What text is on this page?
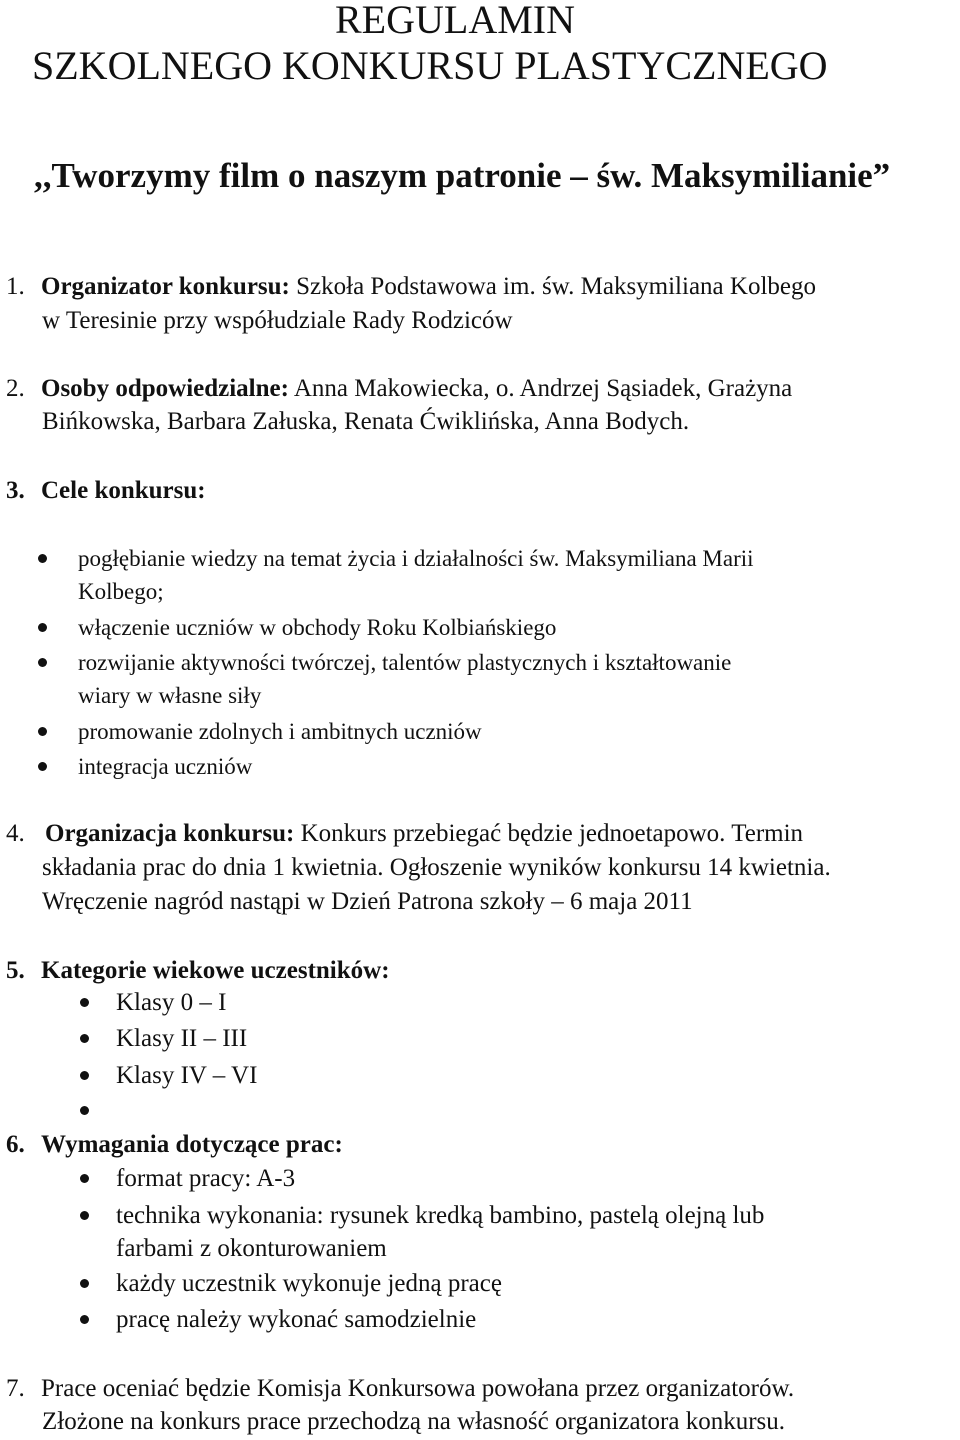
REGULAMIN
SZKOLNEGO KONKURSU PLASTYCZNEGO
,,Tworzymy film o naszym patronie – św. Maksymilianie”
1. Organizator konkursu: Szkoła Podstawowa im. św. Maksymiliana Kolbego
w Teresinie przy współudziale Rady Rodziców
2. Osoby odpowiedzialne: Anna Makowiecka, o. Andrzej Sąsiadek, Grażyna
Bińkowska, Barbara Załuska, Renata Ćwiklińska, Anna Bodych.
3. Cele konkursu:
pogłębianie wiedzy na temat życia i działalności św. Maksymiliana Marii
Kolbego;
włączenie uczniów w obchody Roku Kolbiańskiego
rozwijanie aktywności twórczej, talentów plastycznych i kształtowanie
wiary w własne siły
promowanie zdolnych i ambitnych uczniów
integracja uczniów
4. Organizacja konkursu: Konkurs przebiegać będzie jednoetapowo. Termin
składania prac do dnia 1 kwietnia. Ogłoszenie wyników konkursu 14 kwietnia.
Wręczenie nagród nastąpi w Dzień Patrona szkoły – 6 maja 2011
5. Kategorie wiekowe uczestników:
Klasy 0 – I
Klasy II – III
Klasy IV – VI
6. Wymagania dotyczące prac:
format pracy: A-3
technika wykonania: rysunek kredką bambino, pastelą olejną lub
farbami z okonturowaniem
każdy uczestnik wykonuje jedną pracę
pracę należy wykonać samodzielnie
7. Prace oceniać będzie Komisja Konkursowa powołana przez organizatorów.
Złożone na konkurs prace przechodzą na własność organizatora konkursu.
